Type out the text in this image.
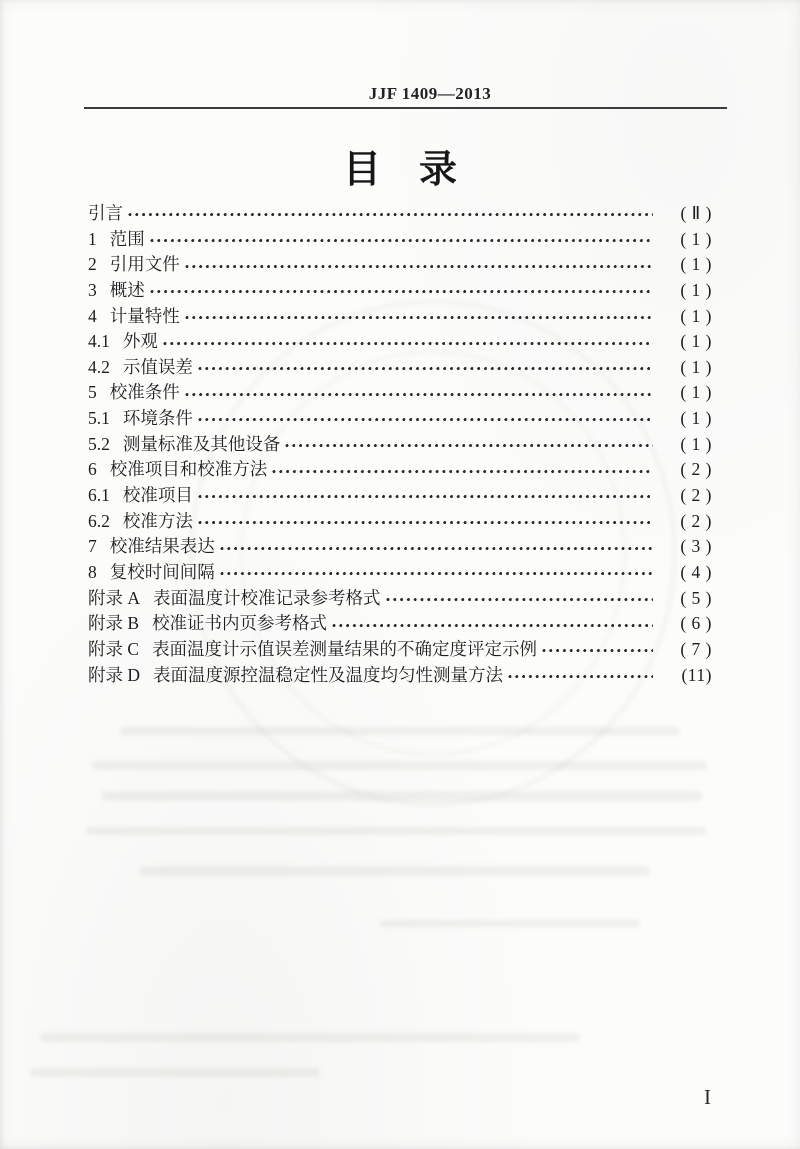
JJF 1409—2013
目　录
引言	( Ⅱ )
1 范围	( 1 )
2 引用文件	( 1 )
3 概述	( 1 )
4 计量特性	( 1 )
4.1 外观	( 1 )
4.2 示值误差	( 1 )
5 校准条件	( 1 )
5.1 环境条件	( 1 )
5.2 测量标准及其他设备	( 1 )
6 校准项目和校准方法	( 2 )
6.1 校准项目	( 2 )
6.2 校准方法	( 2 )
7 校准结果表达	( 3 )
8 复校时间间隔	( 4 )
附录 A 表面温度计校准记录参考格式	( 5 )
附录 B 校准证书内页参考格式	( 6 )
附录 C 表面温度计示值误差测量结果的不确定度评定示例	( 7 )
附录 D 表面温度源控温稳定性及温度均匀性测量方法	(11)
I
